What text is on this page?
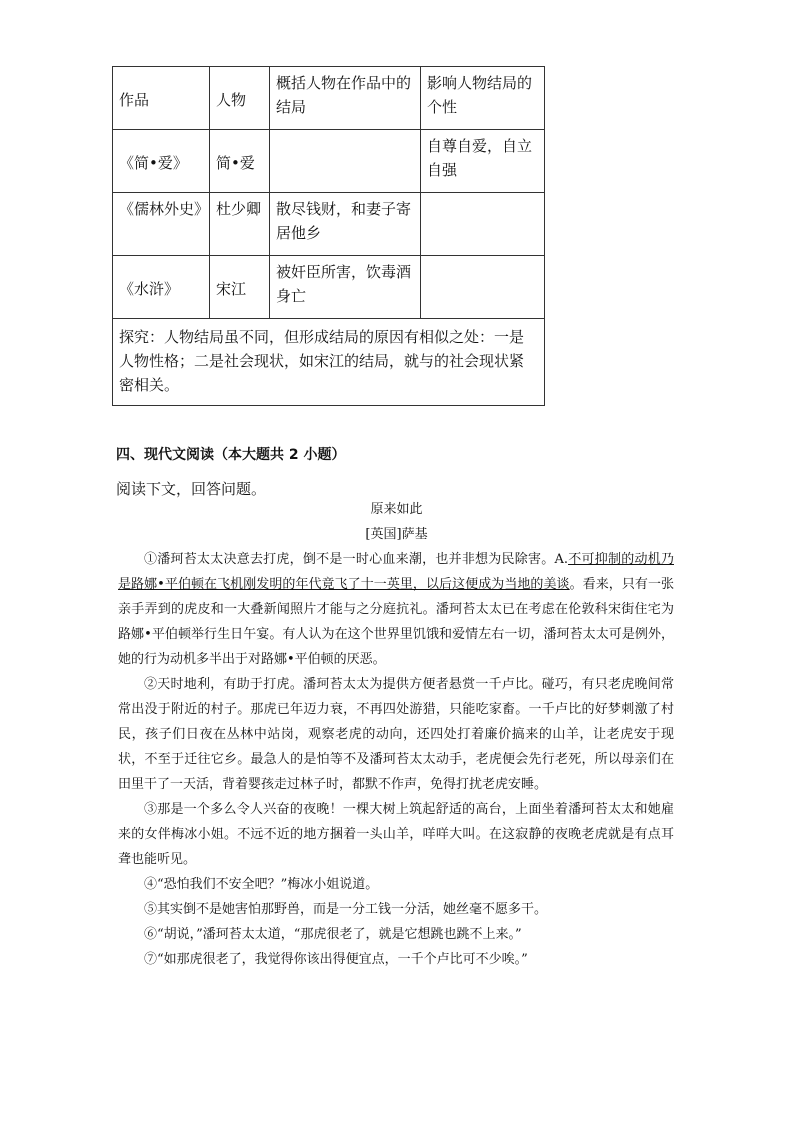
作品	人物	概括人物在作品中的结局	影响人物结局的个性
《简•爱》	简•爱		自尊自爱，自立自强
《儒林外史》	杜少卿	散尽钱财，和妻子寄居他乡	
《水浒》	宋江	被奸臣所害，饮毒酒身亡	
探究：人物结局虽不同，但形成结局的原因有相似之处：一是人物性格；二是社会现状，如宋江的结局，就与的社会现状紧密相关。			
四、现代文阅读（本大题共 2 小题）
阅读下文，回答问题。
原来如此
[英国]萨基

①潘珂苔太太决意去打虎，倒不是一时心血来潮，也并非想为民除害。A.不可抑制的动机乃是路娜•平伯顿在飞机刚发明的年代竟飞了十一英里，以后这便成为当地的美谈。看来，只有一张亲手弄到的虎皮和一大叠新闻照片才能与之分庭抗礼。潘珂苔太太已在考虑在伦敦科宋街住宅为路娜•平伯顿举行生日午宴。有人认为在这个世界里饥饿和爱情左右一切，潘珂苔太太可是例外，她的行为动机多半出于对路娜•平伯顿的厌恶。

②天时地利，有助于打虎。潘珂苔太太为提供方便者悬赏一千卢比。碰巧，有只老虎晚间常常出没于附近的村子。那虎已年迈力衰，不再四处游猎，只能吃家畜。一千卢比的好梦刺激了村民，孩子们日夜在丛林中站岗，观察老虎的动向，还四处打着廉价搞来的山羊，让老虎安于现状，不至于迁往它乡。最急人的是怕等不及潘珂苔太太动手，老虎便会先行老死，所以母亲们在田里干了一天活，背着婴孩走过林子时，都默不作声，免得打扰老虎安睡。

③那是一个多么令人兴奋的夜晚！一棵大树上筑起舒适的高台，上面坐着潘珂苔太太和她雇来的女伴梅冰小姐。不远不近的地方捆着一头山羊，咩咩大叫。在这寂静的夜晚老虎就是有点耳聋也能听见。

④“恐怕我们不安全吧？”梅冰小姐说道。

⑤其实倒不是她害怕那野兽，而是一分工钱一分活，她丝毫不愿多干。

⑥“胡说，”潘珂苔太太道，“那虎很老了，就是它想跳也跳不上来。”

⑦“如那虎很老了，我觉得你该出得便宜点，一千个卢比可不少唉。”
